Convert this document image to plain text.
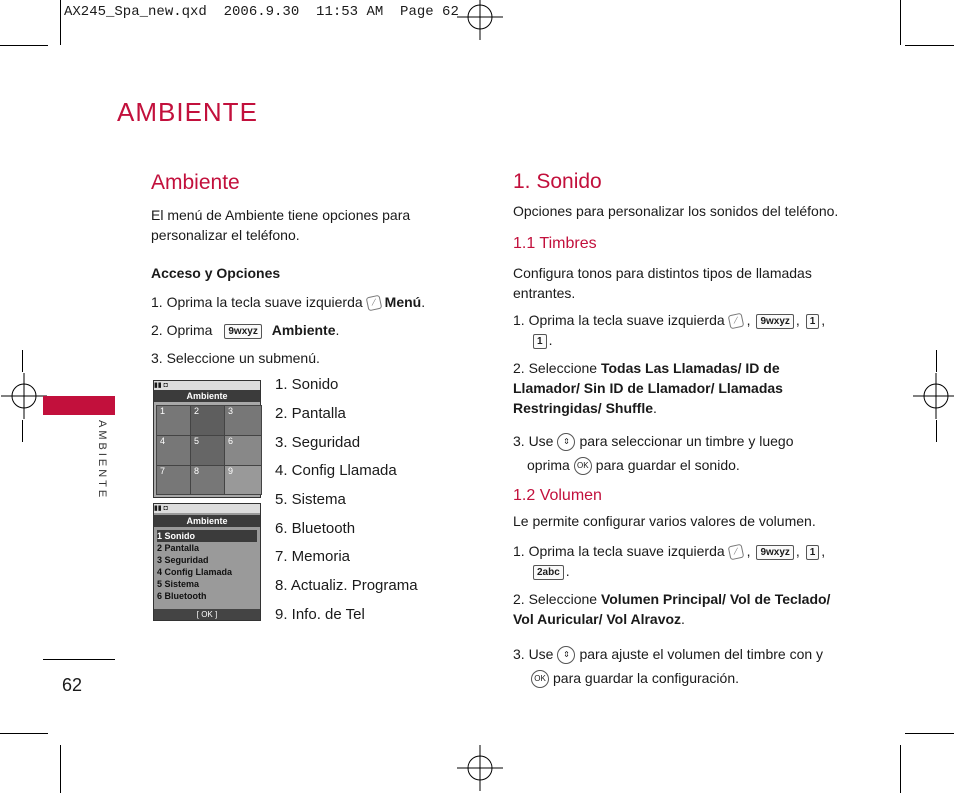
AX245_Spa_new.qxd  2006.9.30  11:53 AM  Page 62
AMBIENTE
AMBIENTE
62
Ambiente
El menú de Ambiente tiene opciones para personalizar el teléfono.
Acceso y Opciones
1. Oprima la tecla suave izquierda ⟋ Menú.
2. Oprima 9wxyz Ambiente.
3. Seleccione un submenú.
▮▮ ◘
Ambiente
1	2	3
4	5	6
7	8	9
▮▮ ◘
Ambiente
1 Sonido
2 Pantalla
3 Seguridad
4 Config Llamada
5 Sistema
6 Bluetooth
[ OK ]
1. Sonido
2. Pantalla
3. Seguridad
4. Config Llamada
5. Sistema
6. Bluetooth
7. Memoria
8. Actualiz. Programa
9. Info. de Tel
1. Sonido
Opciones para personalizar los sonidos del teléfono.
1.1 Timbres
Configura tonos para distintos tipos de llamadas entrantes.
1. Oprima la tecla suave izquierda ⟋ , 9wxyz , 1 ,
1 .
2. Seleccione Todas Las Llamadas/ ID de Llamador/ Sin ID de Llamador/ Llamadas Restringidas/ Shuffle.
3. Use ⇕ para seleccionar un timbre y luego
oprima OK para guardar el sonido.
1.2 Volumen
Le permite configurar varios valores de volumen.
1. Oprima la tecla suave izquierda ⟋ , 9wxyz , 1 ,
2abc .
2. Seleccione Volumen Principal/ Vol de Teclado/ Vol Auricular/ Vol Alravoz.
3. Use ⇕ para ajuste el volumen del timbre con y
OK para guardar la configuración.
